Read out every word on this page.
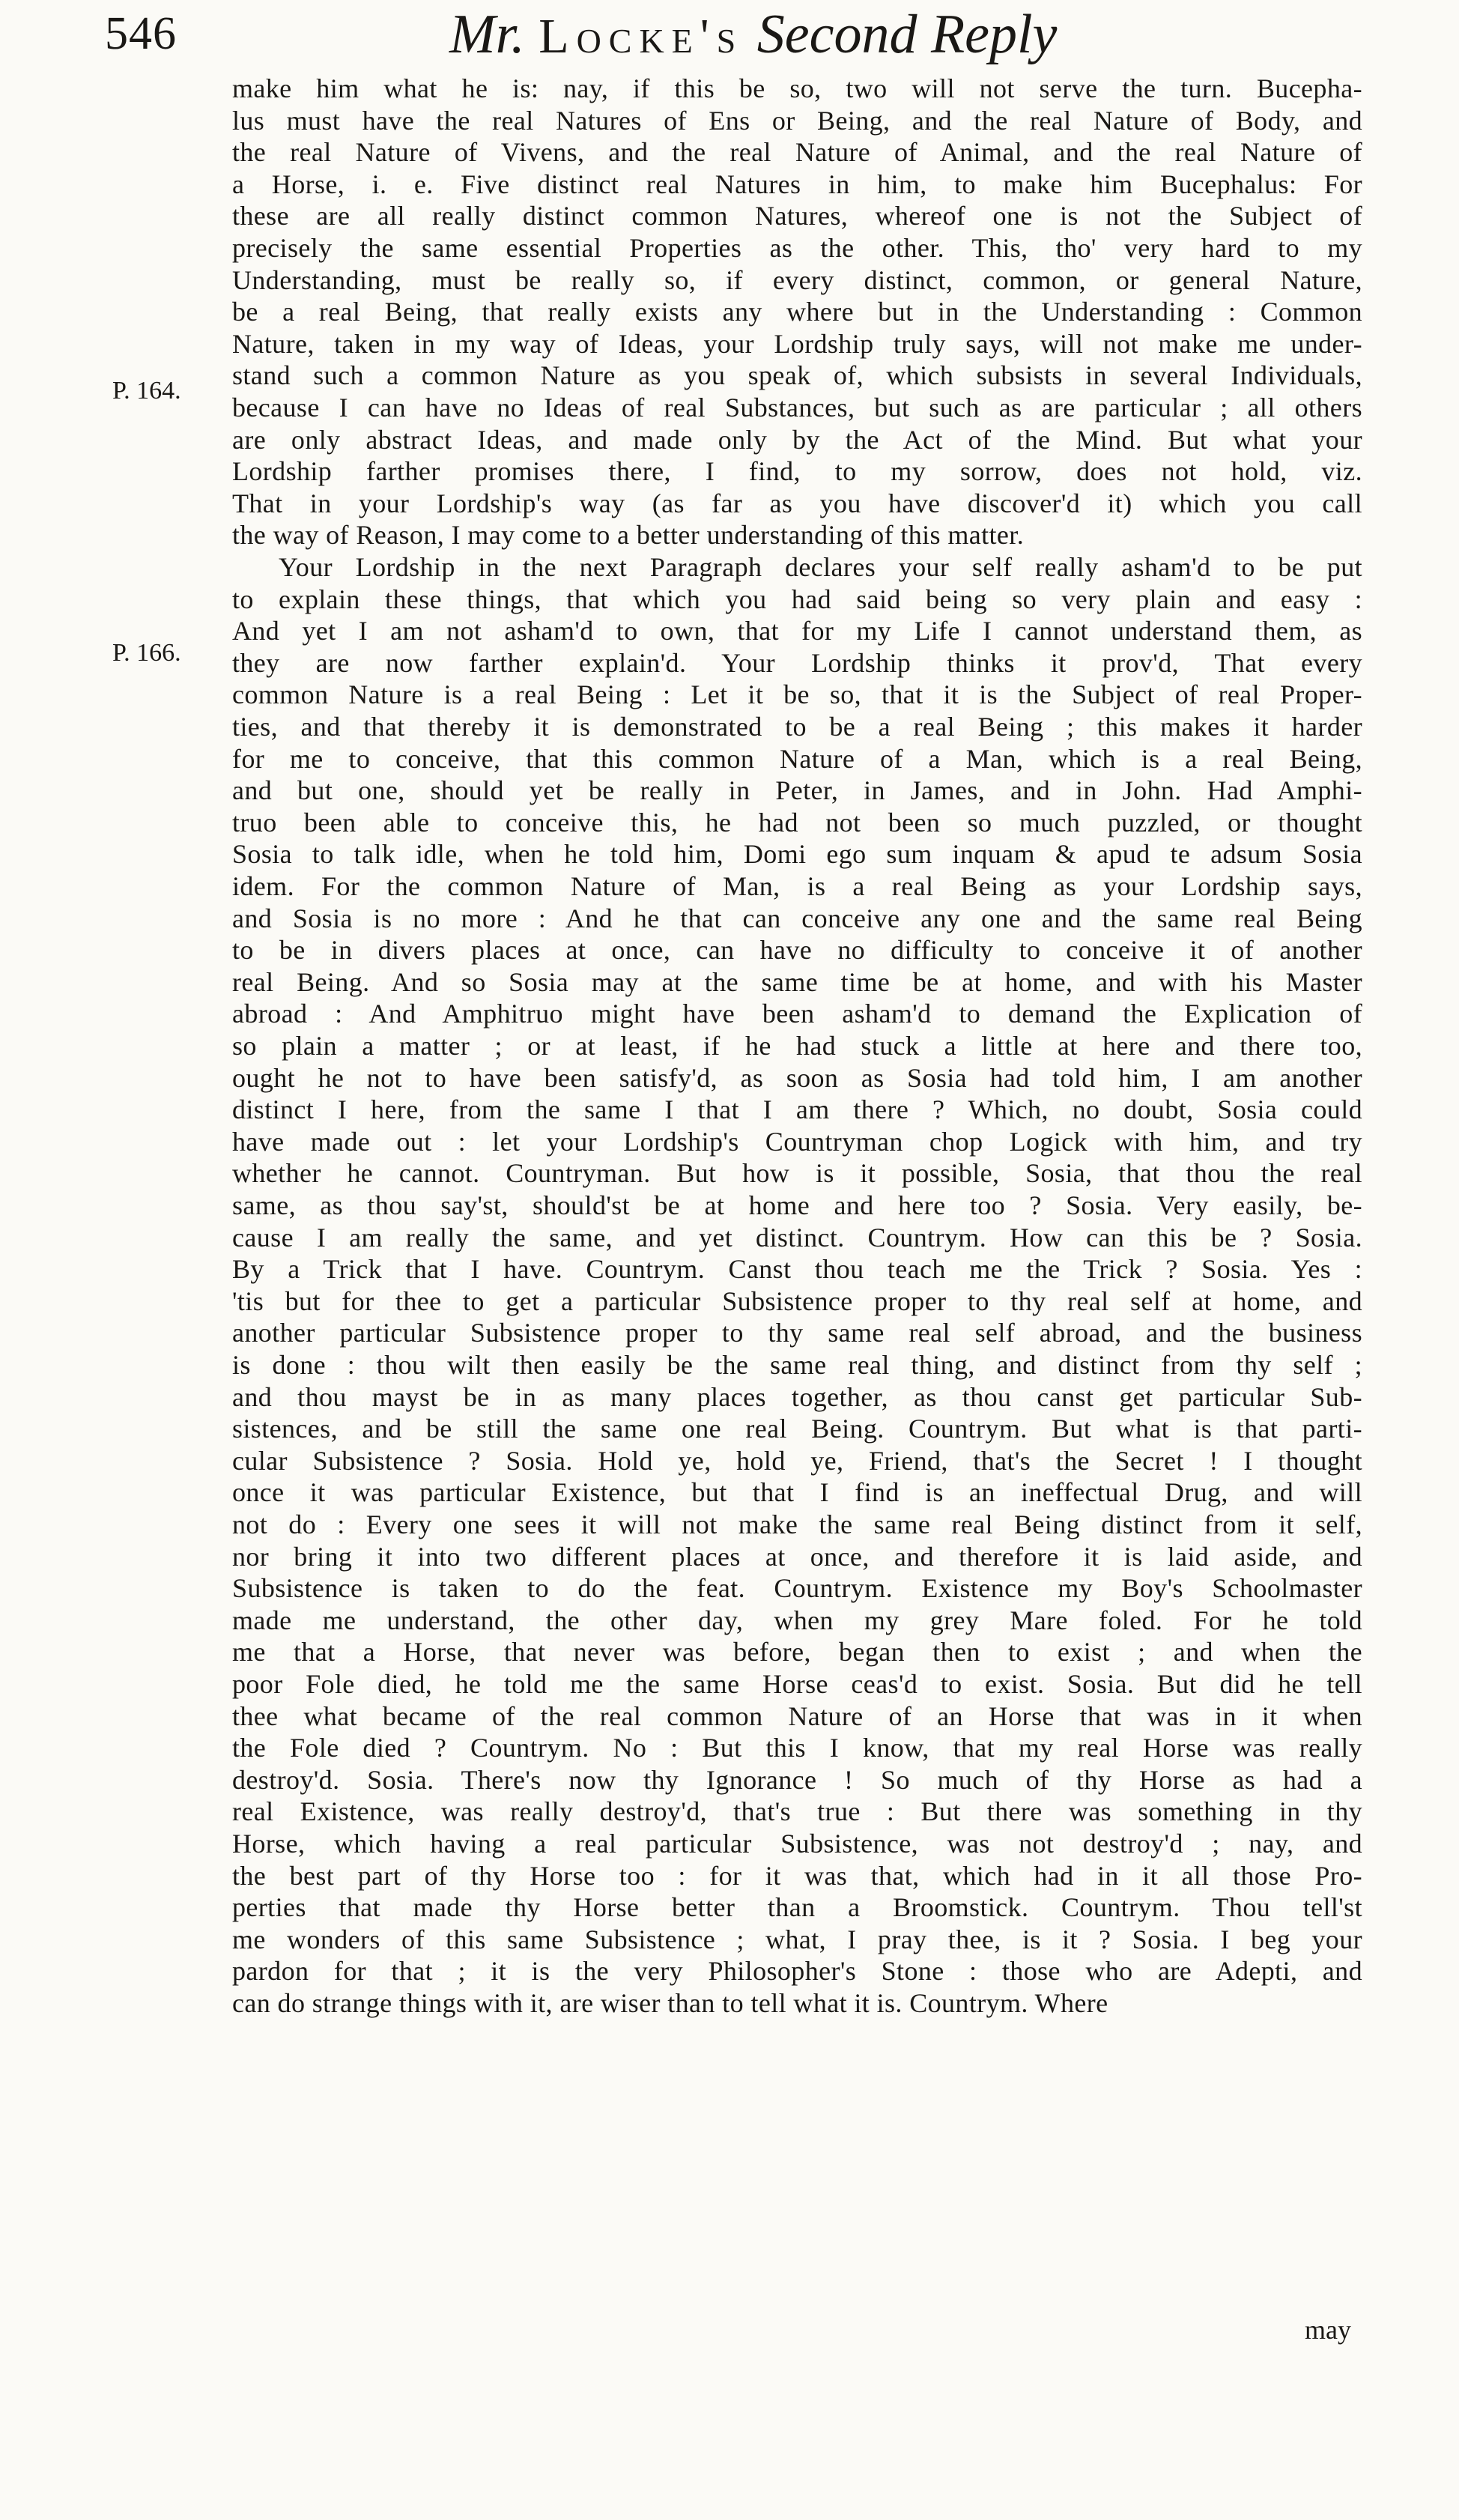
546	Mr. Locke's Second Reply
P. 164.
P. 166.
make him what he is: nay, if this be so, two will not serve the turn. Bucepha-
lus must have the real Natures of Ens or Being, and the real Nature of Body, and
the real Nature of Vivens, and the real Nature of Animal, and the real Nature of
a Horse, i. e. Five distinct real Natures in him, to make him Bucephalus: For
these are all really distinct common Natures, whereof one is not the Subject of
precisely the same essential Properties as the other. This, tho' very hard to my
Understanding, must be really so, if every distinct, common, or general Nature,
be a real Being, that really exists any where but in the Understanding : Common
Nature, taken in my way of Ideas, your Lordship truly says, will not make me under-
stand such a common Nature as you speak of, which subsists in several Individuals,
because I can have no Ideas of real Substances, but such as are particular ; all others
are only abstract Ideas, and made only by the Act of the Mind. But what your
Lordship farther promises there, I find, to my sorrow, does not hold, viz.
That in your Lordship's way (as far as you have discover'd it) which you call
the way of Reason, I may come to a better understanding of this matter.
Your Lordship in the next Paragraph declares your self really asham'd to be put
to explain these things, that which you had said being so very plain and easy :
And yet I am not asham'd to own, that for my Life I cannot understand them, as
they are now farther explain'd. Your Lordship thinks it prov'd, That every
common Nature is a real Being : Let it be so, that it is the Subject of real Proper-
ties, and that thereby it is demonstrated to be a real Being ; this makes it harder
for me to conceive, that this common Nature of a Man, which is a real Being,
and but one, should yet be really in Peter, in James, and in John. Had Amphi-
truo been able to conceive this, he had not been so much puzzled, or thought
Sosia to talk idle, when he told him, Domi ego sum inquam & apud te adsum Sosia
idem. For the common Nature of Man, is a real Being as your Lordship says,
and Sosia is no more : And he that can conceive any one and the same real Being
to be in divers places at once, can have no difficulty to conceive it of another
real Being. And so Sosia may at the same time be at home, and with his Master
abroad : And Amphitruo might have been asham'd to demand the Explication of
so plain a matter ; or at least, if he had stuck a little at here and there too,
ought he not to have been satisfy'd, as soon as Sosia had told him, I am another
distinct I here, from the same I that I am there ? Which, no doubt, Sosia could
have made out : let your Lordship's Countryman chop Logick with him, and try
whether he cannot. Countryman. But how is it possible, Sosia, that thou the real
same, as thou say'st, should'st be at home and here too ? Sosia. Very easily, be-
cause I am really the same, and yet distinct. Countrym. How can this be ? Sosia.
By a Trick that I have. Countrym. Canst thou teach me the Trick ? Sosia. Yes :
'tis but for thee to get a particular Subsistence proper to thy real self at home, and
another particular Subsistence proper to thy same real self abroad, and the business
is done : thou wilt then easily be the same real thing, and distinct from thy self ;
and thou mayst be in as many places together, as thou canst get particular Sub-
sistences, and be still the same one real Being. Countrym. But what is that parti-
cular Subsistence ? Sosia. Hold ye, hold ye, Friend, that's the Secret ! I thought
once it was particular Existence, but that I find is an ineffectual Drug, and will
not do : Every one sees it will not make the same real Being distinct from it self,
nor bring it into two different places at once, and therefore it is laid aside, and
Subsistence is taken to do the feat. Countrym. Existence my Boy's Schoolmaster
made me understand, the other day, when my grey Mare foled. For he told
me that a Horse, that never was before, began then to exist ; and when the
poor Fole died, he told me the same Horse ceas'd to exist. Sosia. But did he tell
thee what became of the real common Nature of an Horse that was in it when
the Fole died ? Countrym. No : But this I know, that my real Horse was really
destroy'd. Sosia. There's now thy Ignorance ! So much of thy Horse as had a
real Existence, was really destroy'd, that's true : But there was something in thy
Horse, which having a real particular Subsistence, was not destroy'd ; nay, and
the best part of thy Horse too : for it was that, which had in it all those Pro-
perties that made thy Horse better than a Broomstick. Countrym. Thou tell'st
me wonders of this same Subsistence ; what, I pray thee, is it ? Sosia. I beg your
pardon for that ; it is the very Philosopher's Stone : those who are Adepti, and
can do strange things with it, are wiser than to tell what it is. Countrym. Where
may
